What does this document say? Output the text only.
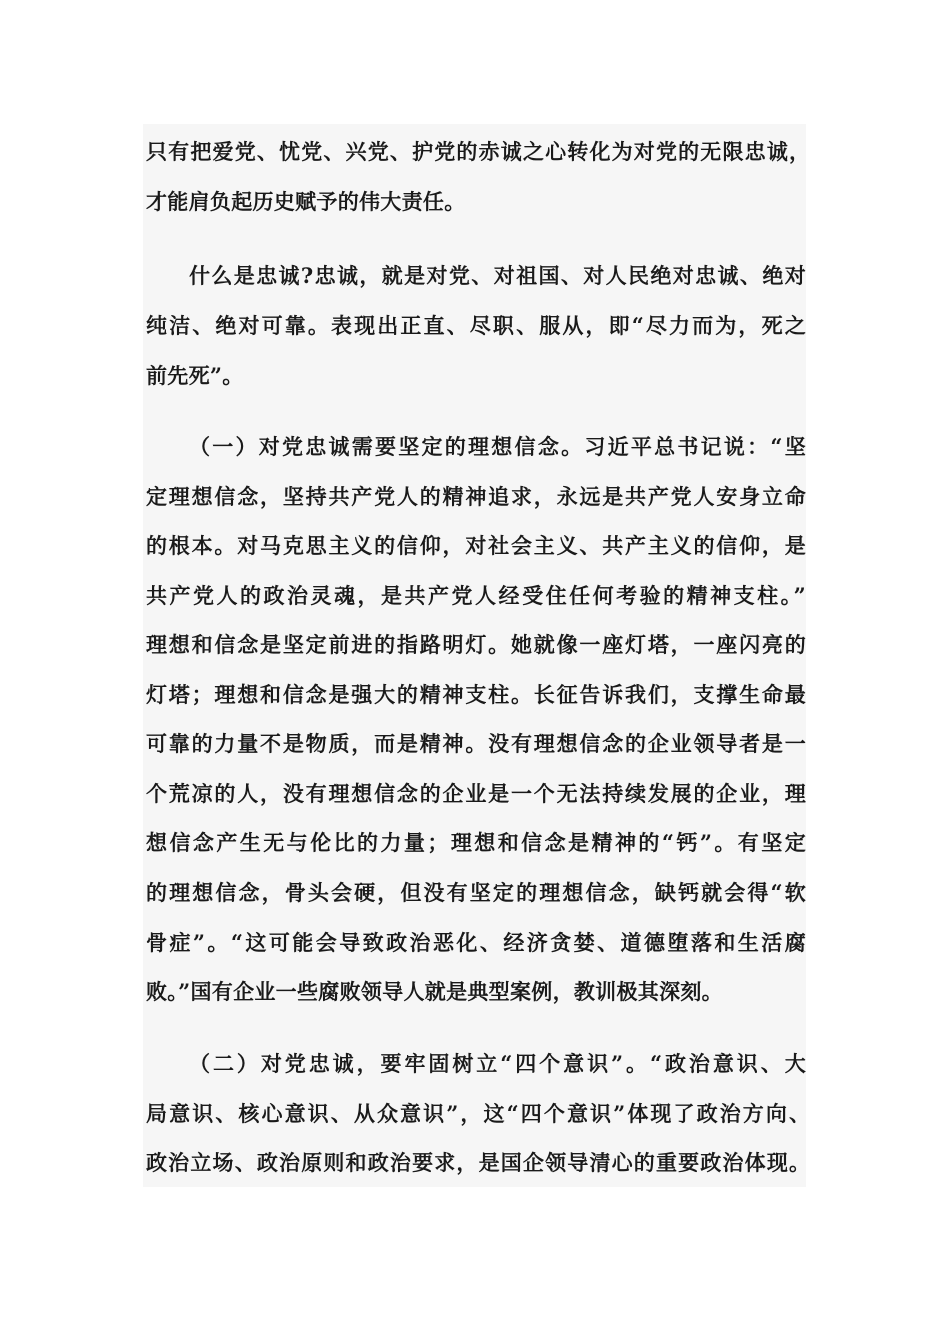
只有把爱党、忧党、兴党、护党的赤诚之心转化为对党的无限忠诚，
才能肩负起历史赋予的伟大责任。
什么是忠诚?忠诚，就是对党、对祖国、对人民绝对忠诚、绝对
纯洁、绝对可靠。表现出正直、尽职、服从，即“尽力而为，死之
前先死”。
（一）对党忠诚需要坚定的理想信念。习近平总书记说：“坚
定理想信念，坚持共产党人的精神追求，永远是共产党人安身立命
的根本。对马克思主义的信仰，对社会主义、共产主义的信仰，是
共产党人的政治灵魂，是共产党人经受住任何考验的精神支柱。”
理想和信念是坚定前进的指路明灯。她就像一座灯塔，一座闪亮的
灯塔；理想和信念是强大的精神支柱。长征告诉我们，支撑生命最
可靠的力量不是物质，而是精神。没有理想信念的企业领导者是一
个荒凉的人，没有理想信念的企业是一个无法持续发展的企业，理
想信念产生无与伦比的力量；理想和信念是精神的“钙”。有坚定
的理想信念，骨头会硬，但没有坚定的理想信念，缺钙就会得“软
骨症”。“这可能会导致政治恶化、经济贪婪、道德堕落和生活腐
败。”国有企业一些腐败领导人就是典型案例，教训极其深刻。
（二）对党忠诚，要牢固树立“四个意识”。“政治意识、大
局意识、核心意识、从众意识”，这“四个意识”体现了政治方向、
政治立场、政治原则和政治要求，是国企领导清心的重要政治体现。
